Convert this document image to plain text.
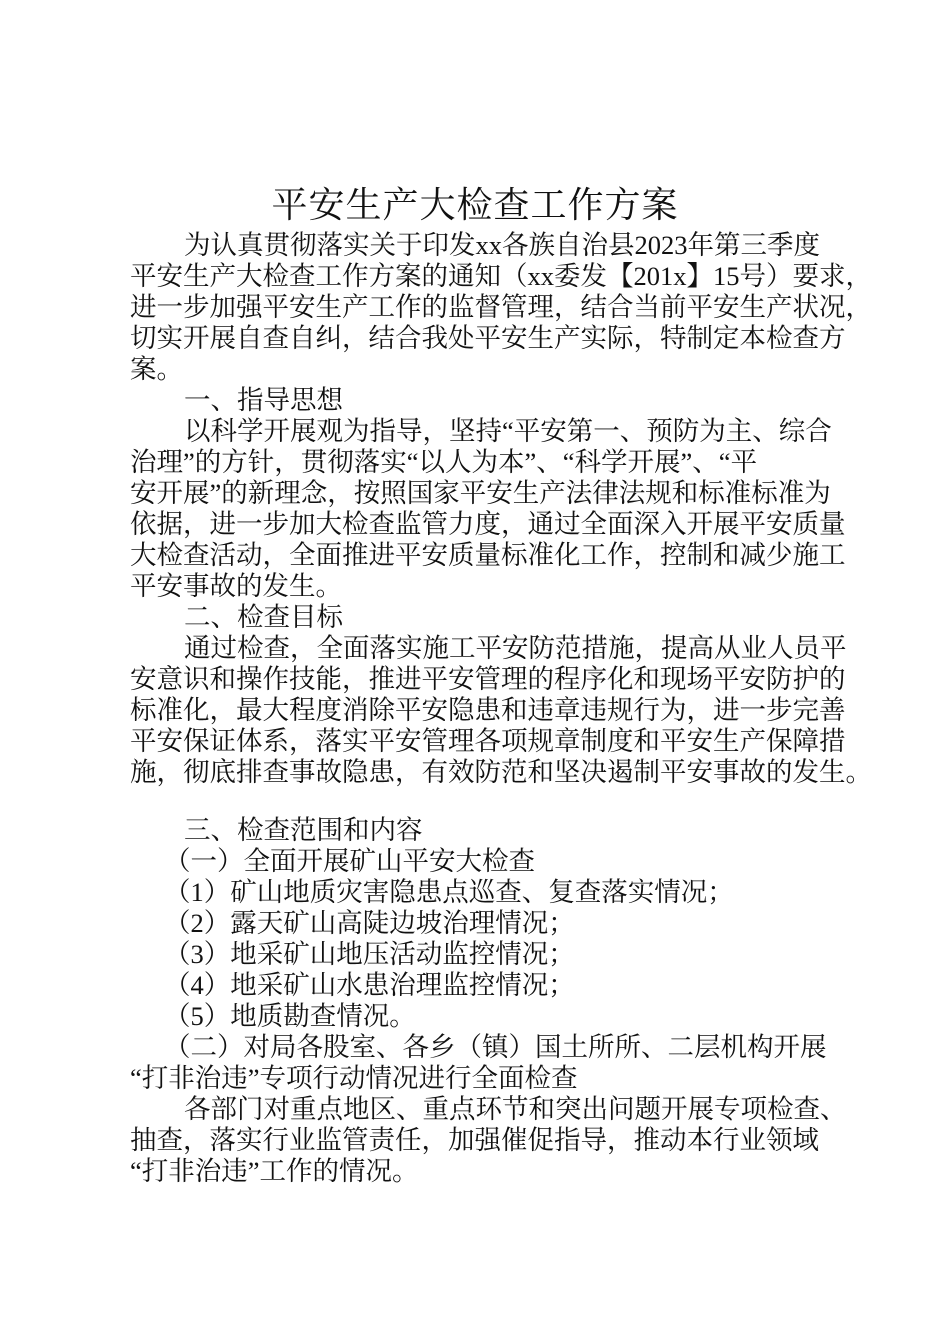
平安生产大检查工作方案
为认真贯彻落实关于印发xx各族自治县2023年第三季度
平安生产大检查工作方案的通知（xx委发【201x】15号）要求，
进一步加强平安生产工作的监督管理，结合当前平安生产状况，
切实开展自查自纠，结合我处平安生产实际，特制定本检查方
案。
一、指导思想
以科学开展观为指导，坚持“平安第一、预防为主、综合
治理”的方针，贯彻落实“以人为本”、“科学开展”、“平
安开展”的新理念，按照国家平安生产法律法规和标准标准为
依据，进一步加大检查监管力度，通过全面深入开展平安质量
大检查活动，全面推进平安质量标准化工作，控制和减少施工
平安事故的发生。
二、检查目标
通过检查，全面落实施工平安防范措施，提高从业人员平
安意识和操作技能，推进平安管理的程序化和现场平安防护的
标准化，最大程度消除平安隐患和违章违规行为，进一步完善
平安保证体系，落实平安管理各项规章制度和平安生产保障措
施，彻底排查事故隐患，有效防范和坚决遏制平安事故的发生。
三、检查范围和内容
（一）全面开展矿山平安大检查
（1）矿山地质灾害隐患点巡查、复查落实情况；
（2）露天矿山高陡边坡治理情况；
（3）地采矿山地压活动监控情况；
（4）地采矿山水患治理监控情况；
（5）地质勘查情况。
（二）对局各股室、各乡（镇）国土所所、二层机构开展
“打非治违”专项行动情况进行全面检查
各部门对重点地区、重点环节和突出问题开展专项检查、
抽查，落实行业监管责任，加强催促指导，推动本行业领域
“打非治违”工作的情况。
